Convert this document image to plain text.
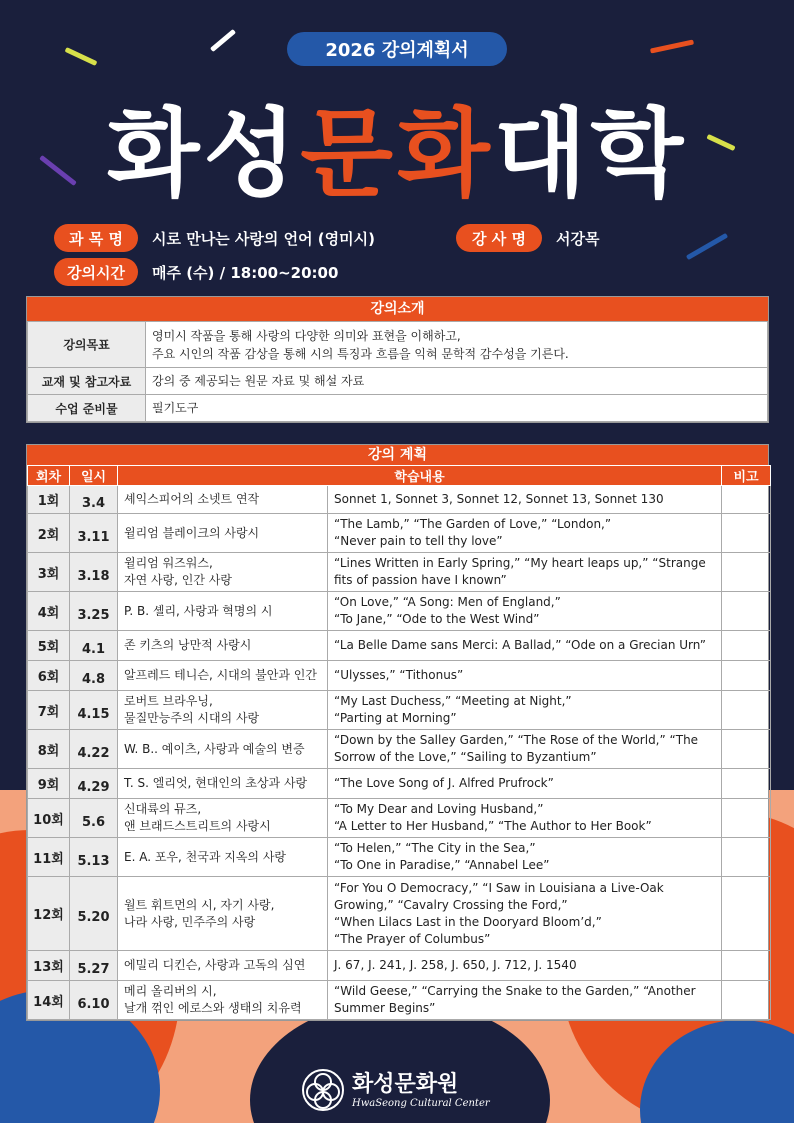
2026 강의계획서
화성문화대학
과 목 명	시로 만나는 사랑의 언어 (영미시)	강 사 명	서강목
강의시간	매주 (수) / 18:00~20:00
강의소개
강의목표	영미시 작품을 통해 사랑의 다양한 의미와 표현을 이해하고,
주요 시인의 작품 감상을 통해 시의 특징과 흐름을 익혀 문학적 감수성을 기른다.

교재 및 참고자료	강의 중 제공되는 원문 자료 및 해설 자료
수업 준비물	필기도구
강의 계획
회차	일시	학습내용		비고
1회	3.4	셰익스피어의 소넷트 연작	Sonnet 1, Sonnet 3, Sonnet 12, Sonnet 13, Sonnet 130	
2회	3.11	윌리엄 블레이크의 사랑시	“The Lamb,” “The Garden of Love,” “London,”
“Never pain to tell thy love”	
3회	3.18	윌리엄 워즈워스,
자연 사랑, 인간 사랑	“Lines Written in Early Spring,” “My heart leaps up,” “Strange fits of passion have I known”	
4회	3.25	P. B. 셸리, 사랑과 혁명의 시	“On Love,” “A Song: Men of England,”
“To Jane,” “Ode to the West Wind”	
5회	4.1	존 키츠의 낭만적 사랑시	“La Belle Dame sans Merci: A Ballad,” “Ode on a Grecian Urn”	
6회	4.8	알프레드 테니슨, 시대의 불안과 인간	“Ulysses,” “Tithonus”	
7회	4.15	로버트 브라우닝,
물질만능주의 시대의 사랑	“My Last Duchess,” “Meeting at Night,”
“Parting at Morning”	
8회	4.22	W. B.. 예이츠, 사랑과 예술의 변증	“Down by the Salley Garden,” “The Rose of the World,” “The Sorrow of the Love,” “Sailing to Byzantium”	
9회	4.29	T. S. 엘리엇, 현대인의 초상과 사랑	“The Love Song of J. Alfred Prufrock”	
10회	5.6	신대륙의 뮤즈,
앤 브래드스트리트의 사랑시	“To My Dear and Loving Husband,”
“A Letter to Her Husband,” “The Author to Her Book”	
11회	5.13	E. A. 포우, 천국과 지옥의 사랑	“To Helen,” “The City in the Sea,”
“To One in Paradise,” “Annabel Lee”	
12회	5.20	월트 휘트먼의 시, 자기 사랑,
나라 사랑, 민주주의 사랑	“For You O Democracy,” “I Saw in Louisiana a Live-Oak Growing,” “Cavalry Crossing the Ford,”
“When Lilacs Last in the Dooryard Bloom’d,”
“The Prayer of Columbus”	
13회	5.27	에밀리 디킨슨, 사랑과 고독의 심연	J. 67, J. 241, J. 258, J. 650, J. 712, J. 1540	
14회	6.10	메리 올리버의 시,
날개 꺾인 에로스와 생태의 치유력	“Wild Geese,” “Carrying the Snake to the Garden,” “Another Summer Begins”	
화성문화원
HwaSeong Cultural Center
